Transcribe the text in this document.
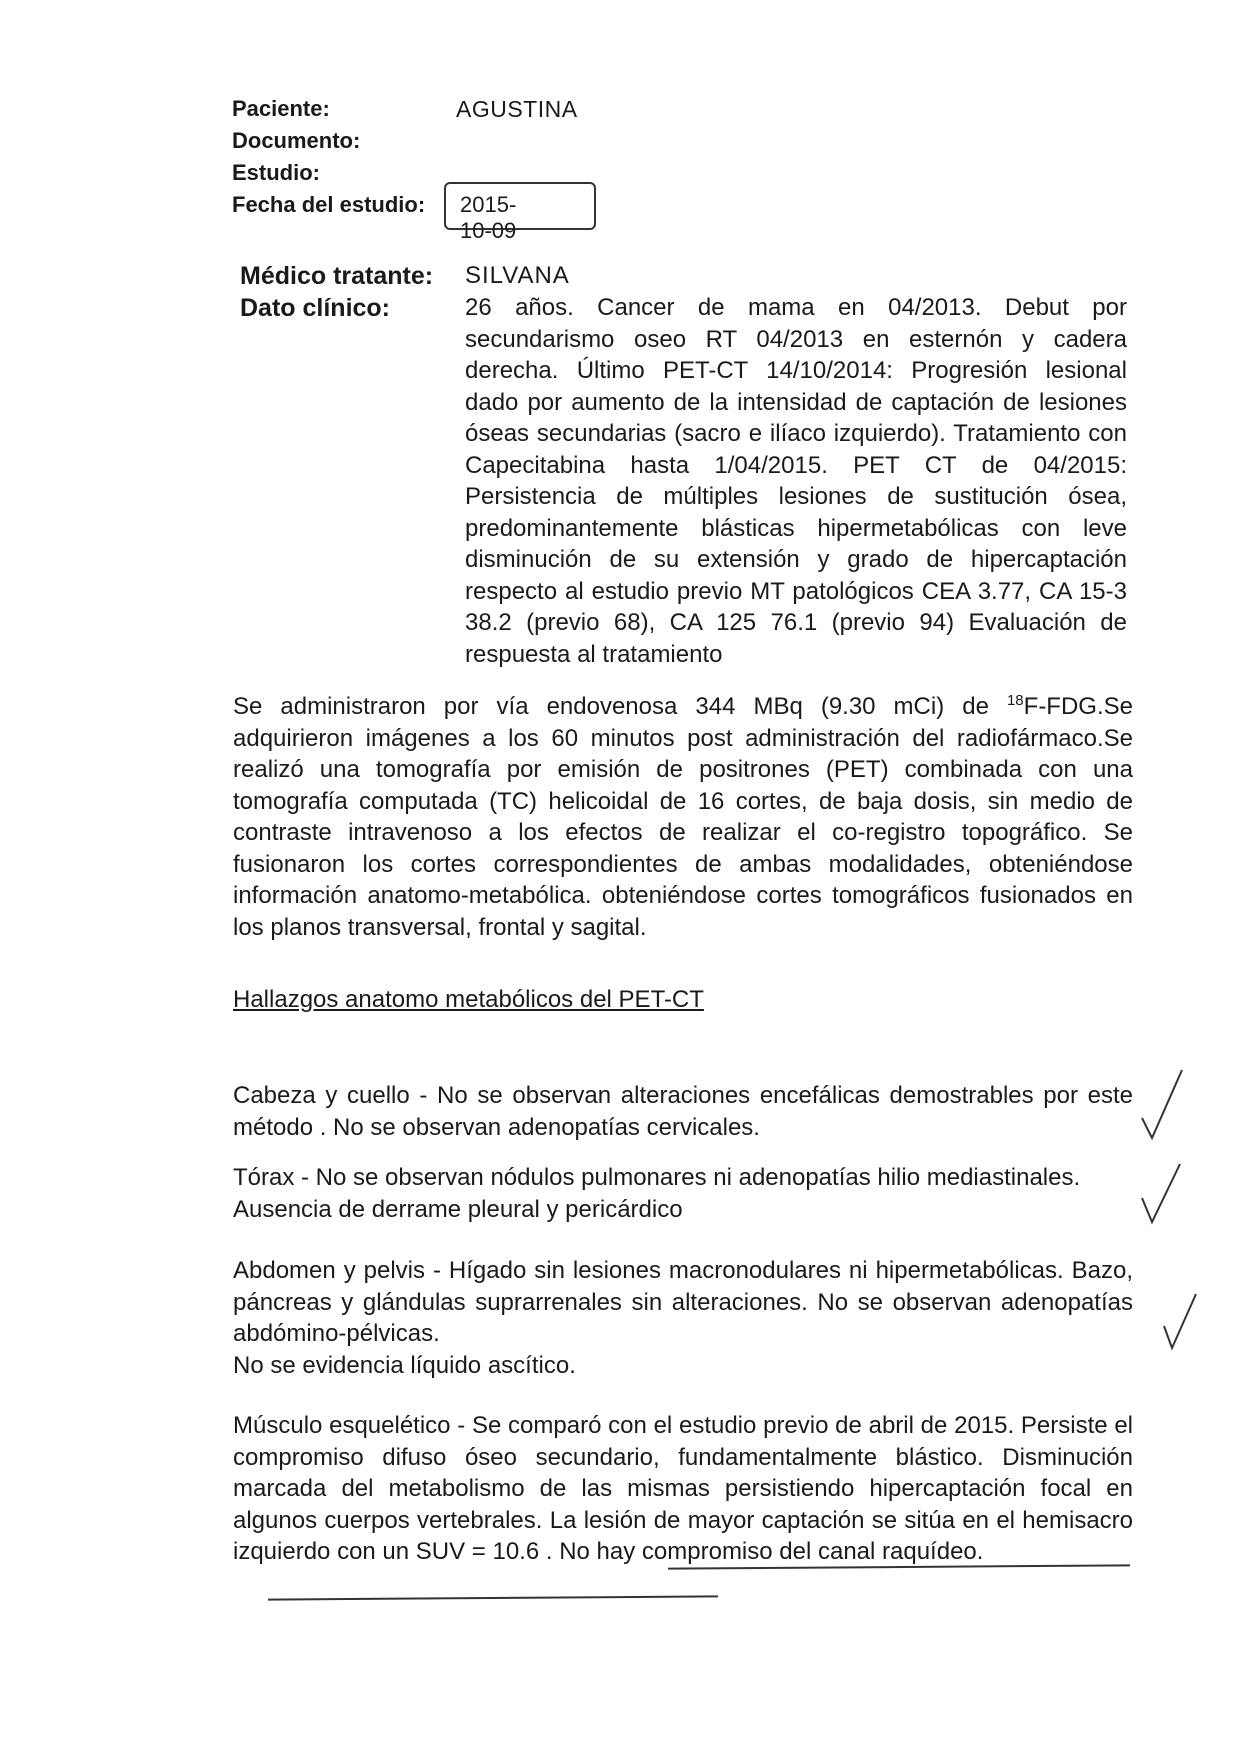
Paciente:	AGUSTINA
Documento:
Estudio:
Fecha del estudio: 2015-10-09
Médico tratante:
Dato clínico:
SILVANA
26 años. Cancer de mama en 04/2013. Debut por secundarismo oseo RT 04/2013 en esternón y cadera derecha. Último PET-CT 14/10/2014: Progresión lesional dado por aumento de la intensidad de captación de lesiones óseas secundarias (sacro e ilíaco izquierdo). Tratamiento con Capecitabina hasta 1/04/2015. PET CT de 04/2015: Persistencia de múltiples lesiones de sustitución ósea, predominantemente blásticas hipermetabólicas con leve disminución de su extensión y grado de hipercaptación respecto al estudio previo MT patológicos CEA 3.77, CA 15-3 38.2 (previo 68), CA 125 76.1 (previo 94) Evaluación de respuesta al tratamiento
Se administraron por vía endovenosa 344 MBq (9.30 mCi) de $^{18}$F-FDG.Se adquirieron imágenes a los 60 minutos post administración del radiofármaco.Se realizó una tomografía por emisión de positrones (PET) combinada con una tomografía computada (TC) helicoidal de 16 cortes, de baja dosis, sin medio de contraste intravenoso a los efectos de realizar el co-registro topográfico. Se fusionaron los cortes correspondientes de ambas modalidades, obteniéndose información anatomo-metabólica. obteniéndose cortes tomográficos fusionados en los planos transversal, frontal y sagital.
Hallazgos anatomo metabólicos del PET-CT
Cabeza y cuello - No se observan alteraciones encefálicas demostrables por este método . No se observan adenopatías cervicales.
Tórax - No se observan nódulos pulmonares ni adenopatías hilio mediastinales.
Ausencia de derrame pleural y pericárdico
Abdomen y pelvis - Hígado sin lesiones macronodulares ni hipermetabólicas. Bazo, páncreas y glándulas suprarrenales sin alteraciones. No se observan adenopatías abdómino-pélvicas.
No se evidencia líquido ascítico.
Músculo esquelético - Se comparó con el estudio previo de abril de 2015. Persiste el compromiso difuso óseo secundario, fundamentalmente blástico. Disminución marcada del metabolismo de las mismas persistiendo hipercaptación focal en algunos cuerpos vertebrales. La lesión de mayor captación se sitúa en el hemisacro izquierdo con un SUV = 10.6 . No hay compromiso del canal raquídeo.
